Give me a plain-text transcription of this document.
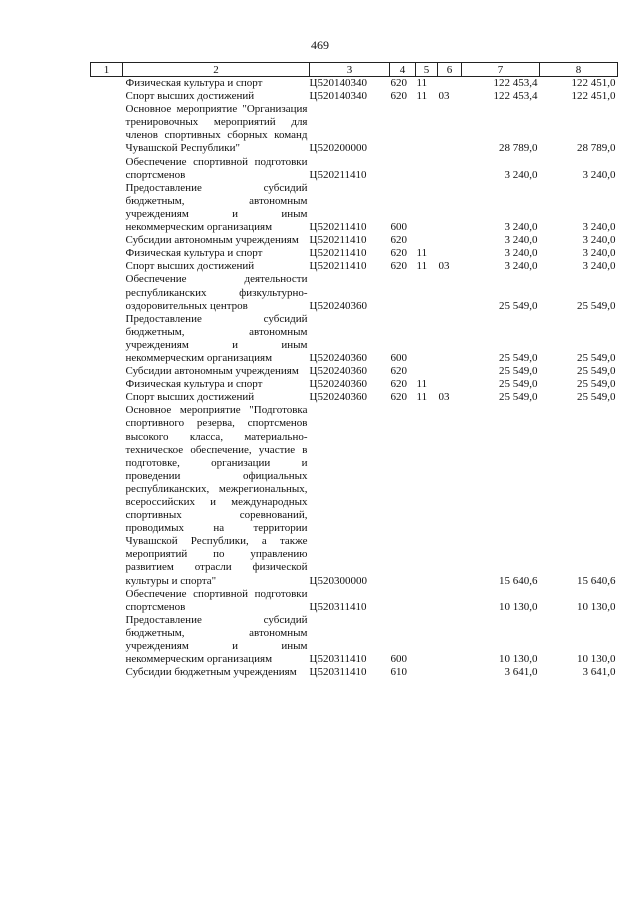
469
1	2	3	4	5	6	7	8
	Физическая культура и спорт	Ц520140340	620	11		122 453,4	122 451,0
	Спорт высших достижений	Ц520140340	620	11	03	122 453,4	122 451,0
	Основное мероприятие "Организация тренировочных мероприятий для членов спортивных сборных команд Чувашской Республики"	Ц520200000				28 789,0	28 789,0
	Обеспечение спортивной подготовки спортсменов	Ц520211410				3 240,0	3 240,0
	Предоставление субсидий бюджетным, автономным учреждениям и иным некоммерческим организациям	Ц520211410	600			3 240,0	3 240,0
	Субсидии автономным учреждениям	Ц520211410	620			3 240,0	3 240,0
	Физическая культура и спорт	Ц520211410	620	11		3 240,0	3 240,0
	Спорт высших достижений	Ц520211410	620	11	03	3 240,0	3 240,0
	Обеспечение деятельности республиканских физкультурно-оздоровительных центров	Ц520240360				25 549,0	25 549,0
	Предоставление субсидий бюджетным, автономным учреждениям и иным некоммерческим организациям	Ц520240360	600			25 549,0	25 549,0
	Субсидии автономным учреждениям	Ц520240360	620			25 549,0	25 549,0
	Физическая культура и спорт	Ц520240360	620	11		25 549,0	25 549,0
	Спорт высших достижений	Ц520240360	620	11	03	25 549,0	25 549,0
	Основное мероприятие "Подготовка спортивного резерва, спортсменов высокого класса, материально-техническое обеспечение, участие в подготовке, организации и проведении официальных республиканских, межрегиональных, всероссийских и международных спортивных соревнований, проводимых на территории Чувашской Республики, а также мероприятий по управлению развитием отрасли физической культуры и спорта"	Ц520300000				15 640,6	15 640,6
	Обеспечение спортивной подготовки спортсменов	Ц520311410				10 130,0	10 130,0
	Предоставление субсидий бюджетным, автономным учреждениям и иным некоммерческим организациям	Ц520311410	600			10 130,0	10 130,0
	Субсидии бюджетным учреждениям	Ц520311410	610			3 641,0	3 641,0
